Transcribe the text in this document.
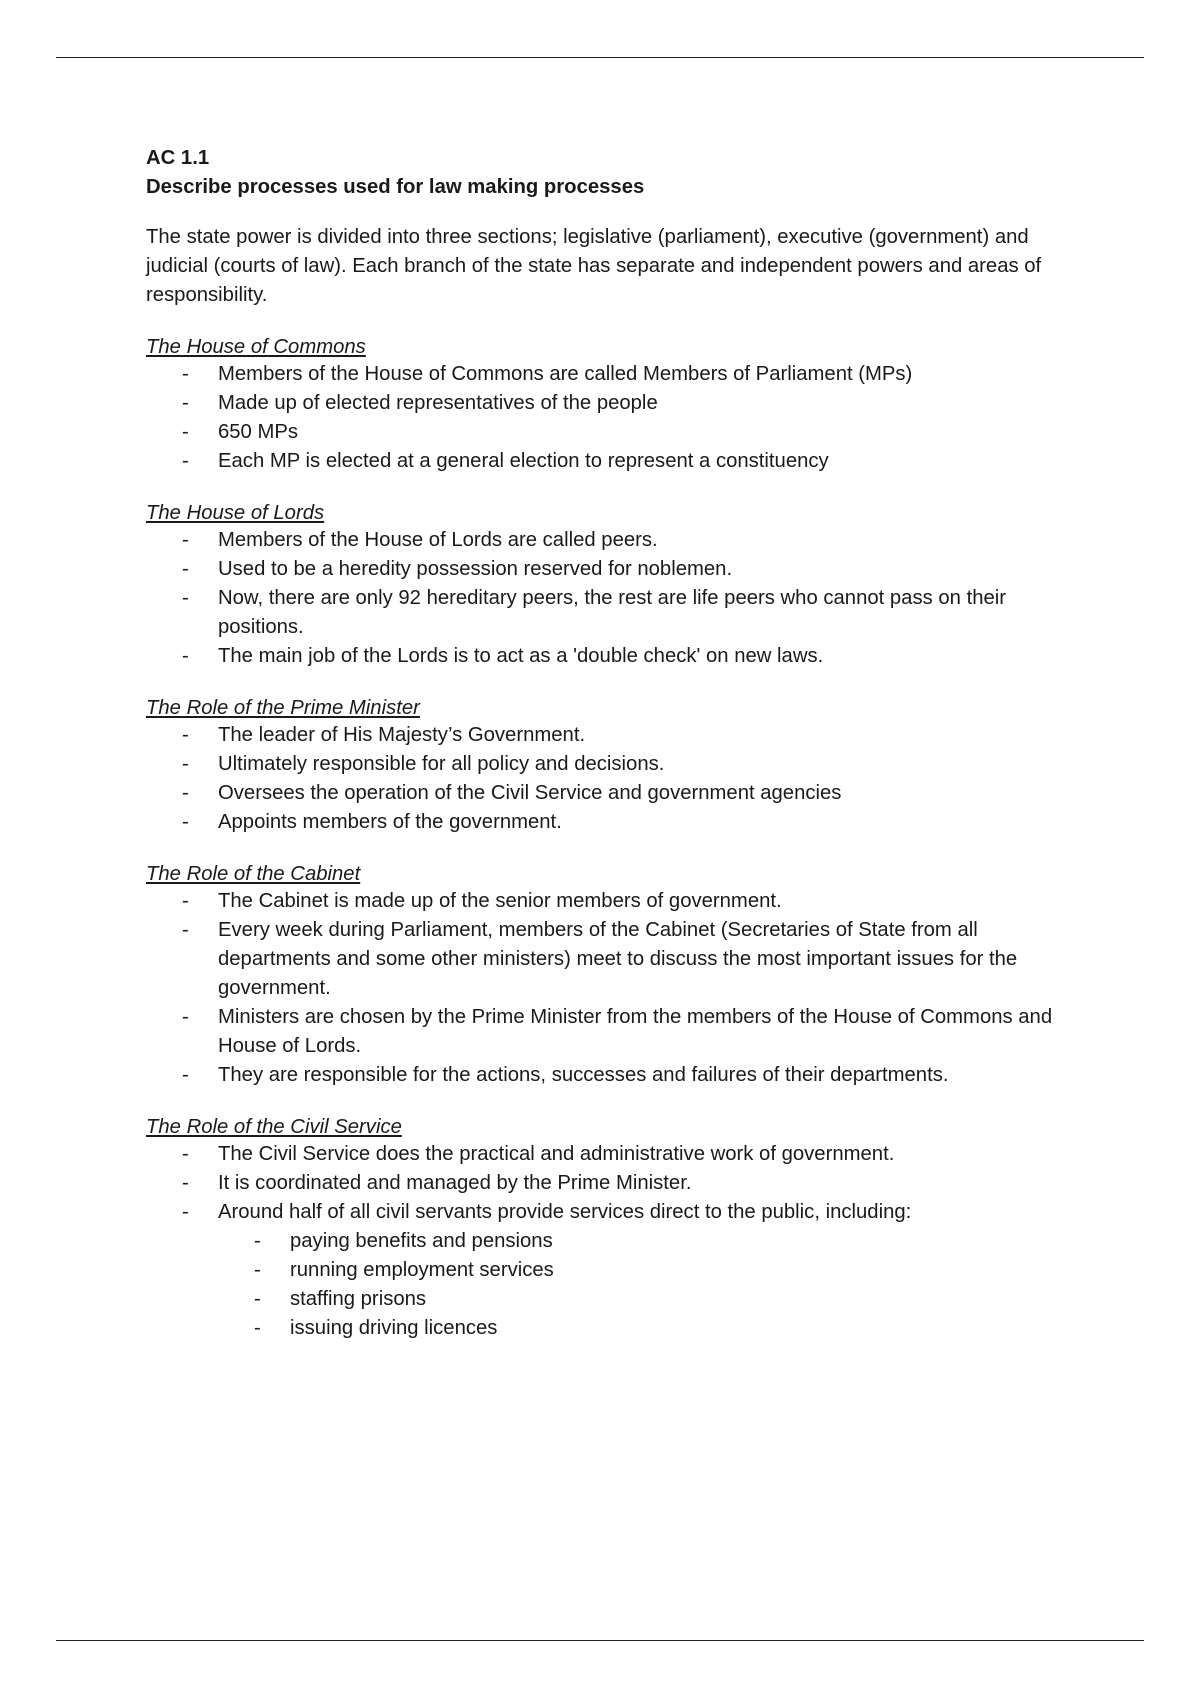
AC 1.1

Describe processes used for law making processes

The state power is divided into three sections; legislative (parliament), executive (government) and judicial (courts of law). Each branch of the state has separate and independent powers and areas of responsibility.

The House of Commons

- Members of the House of Commons are called Members of Parliament (MPs)
- Made up of elected representatives of the people
- 650 MPs
- Each MP is elected at a general election to represent a constituency

The House of Lords

- Members of the House of Lords are called peers.
- Used to be a heredity possession reserved for noblemen.
- Now, there are only 92 hereditary peers, the rest are life peers who cannot pass on their positions.
- The main job of the Lords is to act as a 'double check' on new laws.

The Role of the Prime Minister

- The leader of His Majesty’s Government.
- Ultimately responsible for all policy and decisions.
- Oversees the operation of the Civil Service and government agencies
- Appoints members of the government.

The Role of the Cabinet

- The Cabinet is made up of the senior members of government.
- Every week during Parliament, members of the Cabinet (Secretaries of State from all departments and some other ministers) meet to discuss the most important issues for the government.
- Ministers are chosen by the Prime Minister from the members of the House of Commons and House of Lords.
- They are responsible for the actions, successes and failures of their departments.

The Role of the Civil Service

- The Civil Service does the practical and administrative work of government.
- It is coordinated and managed by the Prime Minister.
- Around half of all civil servants provide services direct to the public, including:
- paying benefits and pensions
- running employment services
- staffing prisons
- issuing driving licences
